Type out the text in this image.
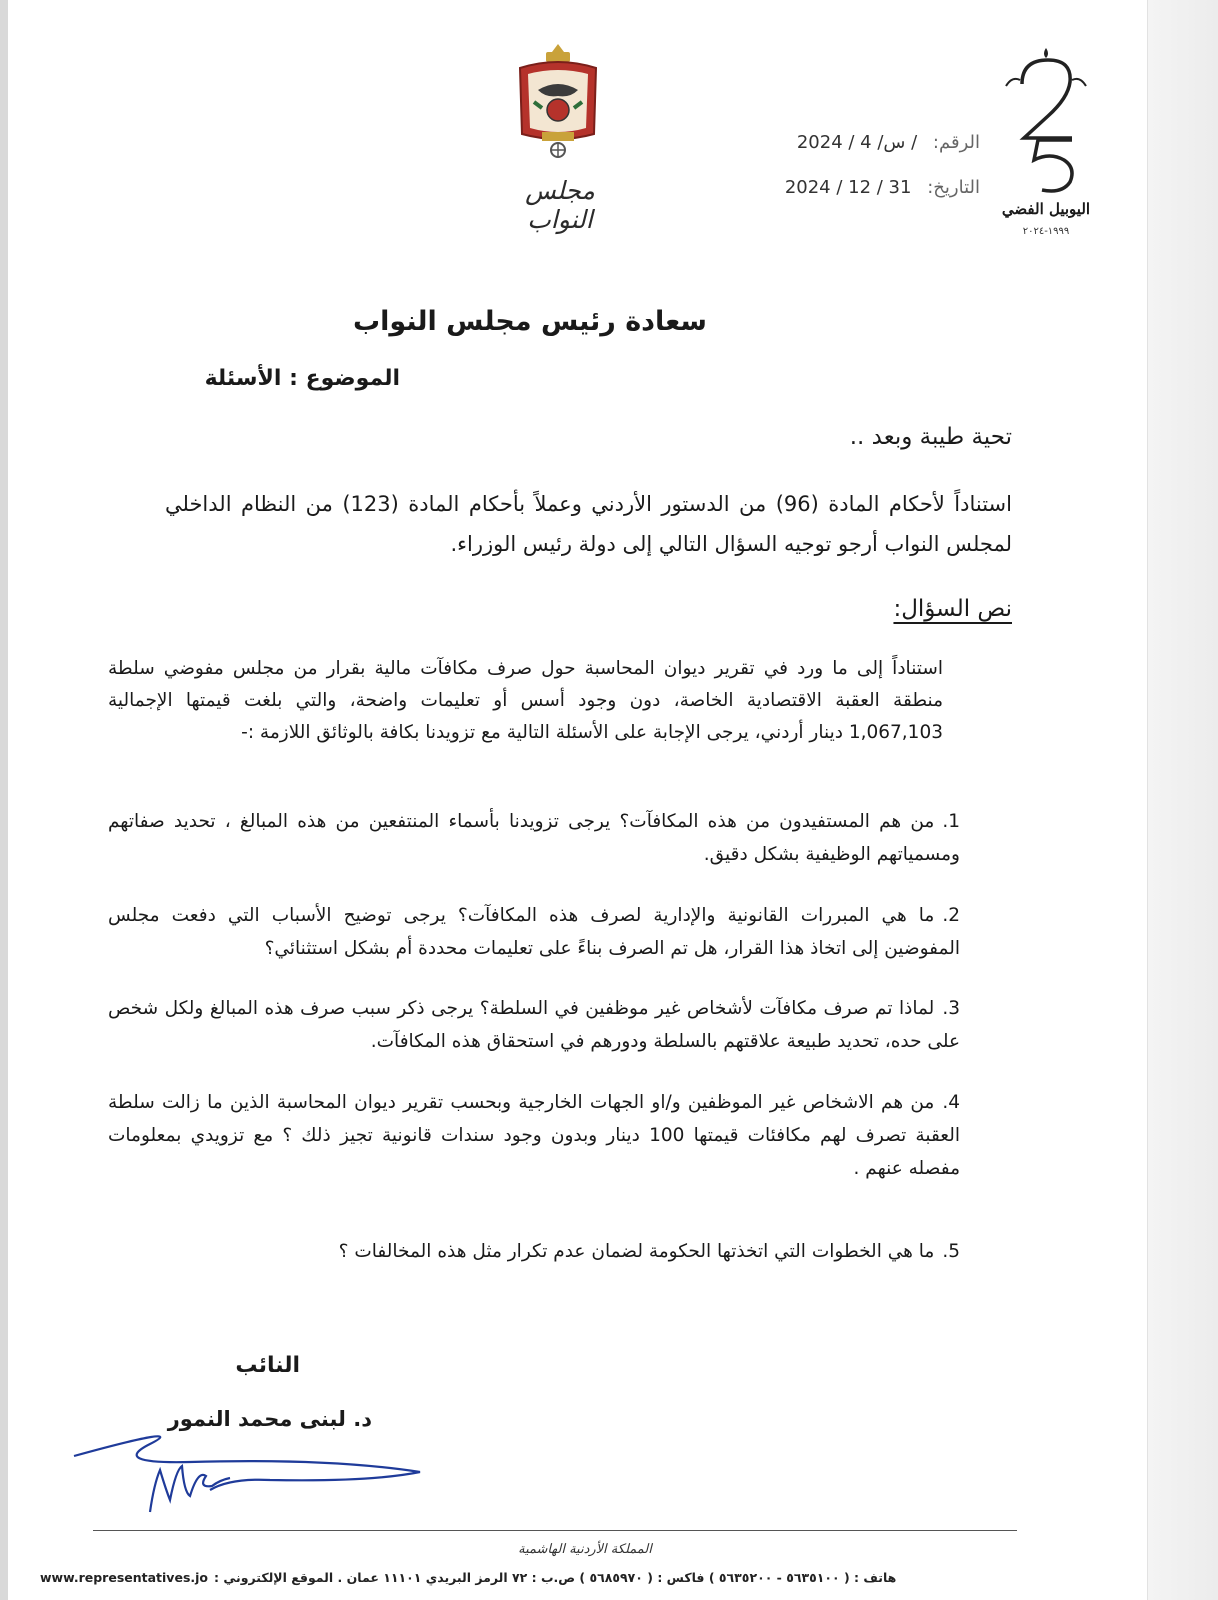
مجلس النواب	اليوبيل الفضي
١٩٩٩-٢٠٢٤
الرقم: 2024 / 4 /س /
التاريخ: 2024 / 12 / 31
سعادة رئيس مجلس النواب
الموضوع : الأسئلة
تحية طيبة وبعد ..
استناداً لأحكام المادة (96) من الدستور الأردني وعملاً بأحكام المادة (123) من النظام الداخلي لمجلس النواب أرجو توجيه السؤال التالي إلى دولة رئيس الوزراء.
نص السؤال:
استناداً إلى ما ورد في تقرير ديوان المحاسبة حول صرف مكافآت مالية بقرار من مجلس مفوضي سلطة منطقة العقبة الاقتصادية الخاصة، دون وجود أسس أو تعليمات واضحة، والتي بلغت قيمتها الإجمالية 1,067,103 دينار أردني، يرجى الإجابة على الأسئلة التالية مع تزويدنا بكافة بالوثائق اللازمة :-
1.من هم المستفيدون من هذه المكافآت؟ يرجى تزويدنا بأسماء المنتفعين من هذه المبالغ ، تحديد صفاتهم ومسمياتهم الوظيفية بشكل دقيق.
2.ما هي المبررات القانونية والإدارية لصرف هذه المكافآت؟ يرجى توضيح الأسباب التي دفعت مجلس المفوضين إلى اتخاذ هذا القرار، هل تم الصرف بناءً على تعليمات محددة أم بشكل استثنائي؟
3.لماذا تم صرف مكافآت لأشخاص غير موظفين في السلطة؟ يرجى ذكر سبب صرف هذه المبالغ ولكل شخص على حده، تحديد طبيعة علاقتهم بالسلطة ودورهم في استحقاق هذه المكافآت.
4.من هم الاشخاص غير الموظفين و/او الجهات الخارجية وبحسب تقرير ديوان المحاسبة الذين ما زالت سلطة العقبة تصرف لهم مكافئات قيمتها 100 دينار وبدون وجود سندات قانونية تجيز ذلك ؟ مع تزويدي بمعلومات مفصله عنهم .
5.ما هي الخطوات التي اتخذتها الحكومة لضمان عدم تكرار مثل هذه المخالفات ؟
النائب
د. لبنى محمد النمور
المملكة الأردنية الهاشمية
www.representatives.jo هاتف : ( ٥٦٣٥١٠٠ - ٥٦٣٥٢٠٠ ) فاكس : ( ٥٦٨٥٩٧٠ ) ص.ب : ٧٢ الرمز البريدي ١١١٠١ عمان . الموقع الإلكتروني :
